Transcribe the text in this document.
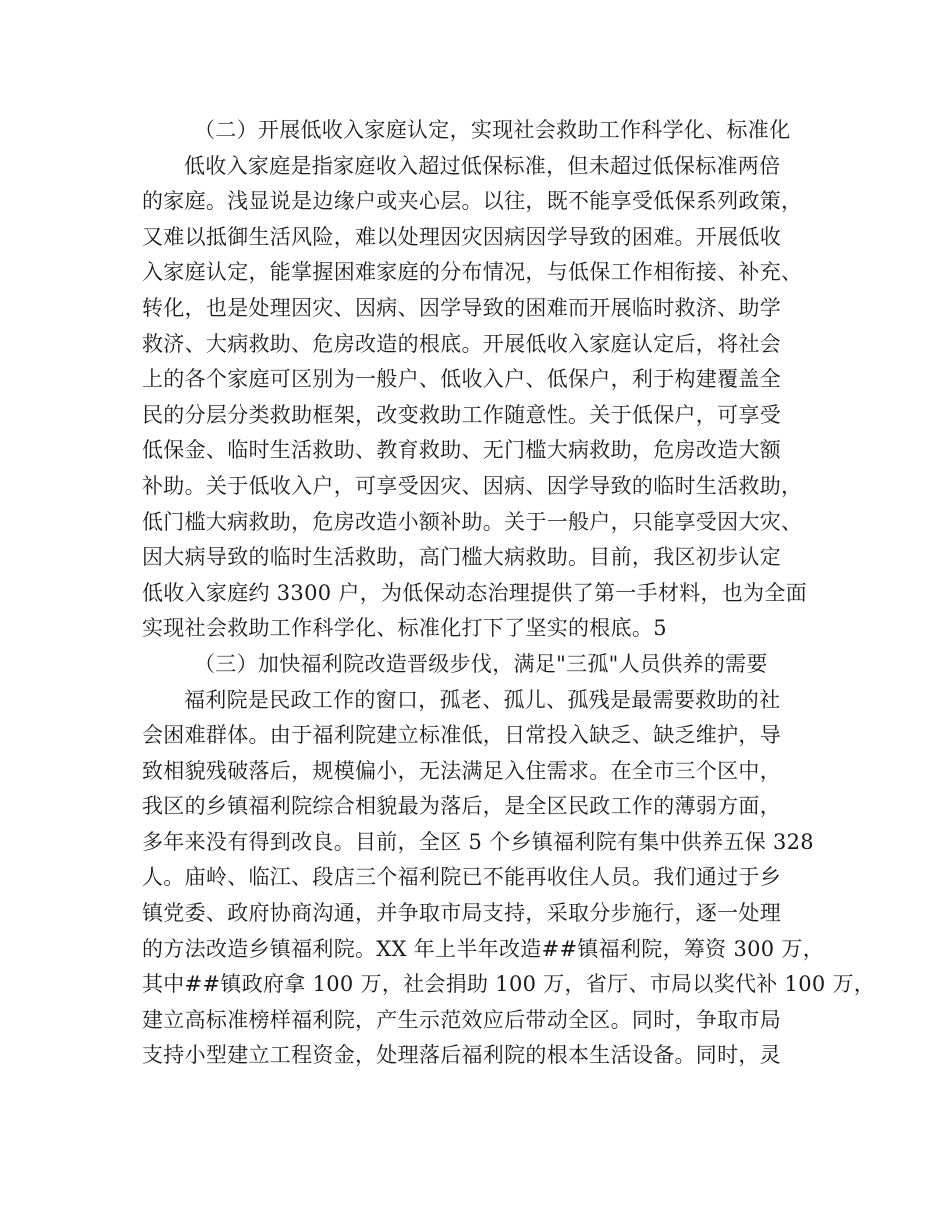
（二）开展低收入家庭认定，实现社会救助工作科学化、标准化
低收入家庭是指家庭收入超过低保标准，但未超过低保标准两倍
的家庭。浅显说是边缘户或夹心层。以往，既不能享受低保系列政策，
又难以抵御生活风险，难以处理因灾因病因学导致的困难。开展低收
入家庭认定，能掌握困难家庭的分布情况，与低保工作相衔接、补充、
转化，也是处理因灾、因病、因学导致的困难而开展临时救济、助学
救济、大病救助、危房改造的根底。开展低收入家庭认定后，将社会
上的各个家庭可区别为一般户、低收入户、低保户，利于构建覆盖全
民的分层分类救助框架，改变救助工作随意性。关于低保户，可享受
低保金、临时生活救助、教育救助、无门槛大病救助，危房改造大额
补助。关于低收入户，可享受因灾、因病、因学导致的临时生活救助，
低门槛大病救助，危房改造小额补助。关于一般户，只能享受因大灾、
因大病导致的临时生活救助，高门槛大病救助。目前，我区初步认定
低收入家庭约 3300 户，为低保动态治理提供了第一手材料，也为全面
实现社会救助工作科学化、标准化打下了坚实的根底。5
（三）加快福利院改造晋级步伐，满足"三孤"人员供养的需要
福利院是民政工作的窗口，孤老、孤儿、孤残是最需要救助的社
会困难群体。由于福利院建立标准低，日常投入缺乏、缺乏维护，导
致相貌残破落后，规模偏小，无法满足入住需求。在全市三个区中，
我区的乡镇福利院综合相貌最为落后，是全区民政工作的薄弱方面，
多年来没有得到改良。目前，全区 5 个乡镇福利院有集中供养五保 328
人。庙岭、临江、段店三个福利院已不能再收住人员。我们通过于乡
镇党委、政府协商沟通，并争取市局支持，采取分步施行，逐一处理
的方法改造乡镇福利院。XX 年上半年改造##镇福利院，筹资 300 万，
其中##镇政府拿 100 万，社会捐助 100 万，省厅、市局以奖代补 100 万，
建立高标准榜样福利院，产生示范效应后带动全区。同时，争取市局
支持小型建立工程资金，处理落后福利院的根本生活设备。同时，灵
